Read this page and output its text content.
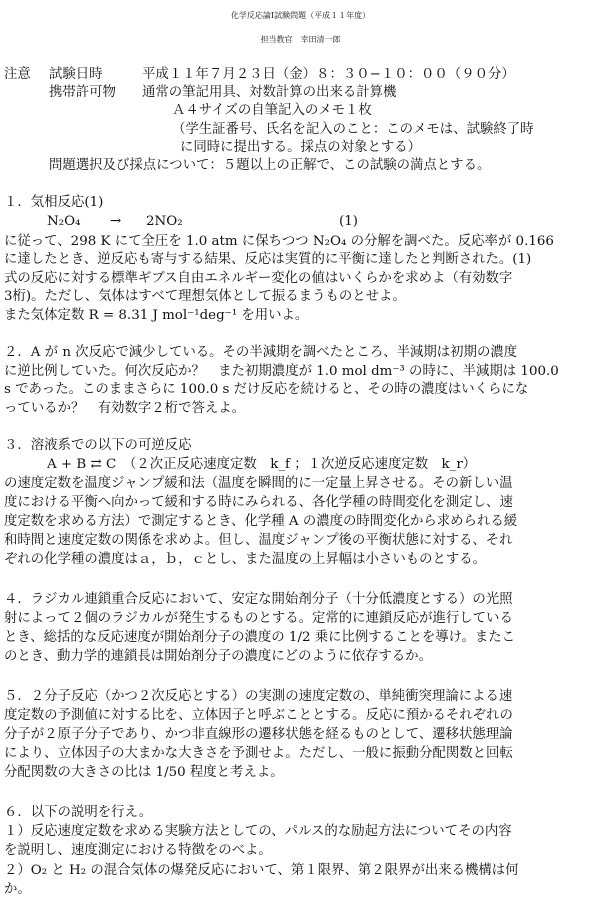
化学反応論Ⅰ試験問題（平成１１年度）
担当教官　幸田清一郎
注意 試験日時	平成１１年７月２３日（金）８：３０−１０：００（９０分）
携帯許可物 通常の筆記用具、対数計算の出来る計算機
Ａ４サイズの自筆記入のメモ１枚
（学生証番号、氏名を記入のこと：このメモは、試験終了時
に同時に提出する。採点の対象とする）
問題選択及び採点について：５題以上の正解で、この試験の満点とする。
１．気相反応(1)
N₂O₄ → 2NO₂	(1)
に従って、298 K にて全圧を 1.0 atm に保ちつつ N₂O₄ の分解を調べた。反応率が 0.166
に達したとき、逆反応も寄与する結果、反応は実質的に平衡に達したと判断された。(1)
式の反応に対する標準ギブス自由エネルギー変化の値はいくらかを求めよ（有効数字
3桁)。ただし、気体はすべて理想気体として振るまうものとせよ。
また気体定数 R = 8.31 J mol⁻¹deg⁻¹ を用いよ。
２．A が n 次反応で減少している。その半減期を調べたところ、半減期は初期の濃度
に逆比例していた。何次反応か？　また初期濃度が 1.0 mol dm⁻³ の時に、半減期は 100.0
s であった。このままさらに 100.0 s だけ反応を続けると、その時の濃度はいくらにな
っているか？　有効数字２桁で答えよ。
３．溶液系での以下の可逆反応
A + B ⇄ C　（２次正反応速度定数　k_f ；１次逆反応速度定数　k_r）
の速度定数を温度ジャンプ緩和法（温度を瞬間的に一定量上昇させる。その新しい温
度における平衡へ向かって緩和する時にみられる、各化学種の時間変化を測定し、速
度定数を求める方法）で測定するとき、化学種 A の濃度の時間変化から求められる緩
和時間と速度定数の関係を求めよ。但し、温度ジャンプ後の平衡状態に対する、それ
ぞれの化学種の濃度はａ，ｂ，ｃとし、また温度の上昇幅は小さいものとする。
４．ラジカル連鎖重合反応において、安定な開始剤分子（十分低濃度とする）の光照
射によって２個のラジカルが発生するものとする。定常的に連鎖反応が進行している
とき、総括的な反応速度が開始剤分子の濃度の 1/2 乗に比例することを導け。またこ
のとき、動力学的連鎖長は開始剤分子の濃度にどのように依存するか。
５．２分子反応（かつ２次反応とする）の実測の速度定数の、単純衝突理論による速
度定数の予測値に対する比を、立体因子と呼ぶこととする。反応に預かるそれぞれの
分子が２原子分子であり、かつ非直線形の遷移状態を経るものとして、遷移状態理論
により、立体因子の大まかな大きさを予測せよ。ただし、一般に振動分配関数と回転
分配関数の大きさの比は 1/50 程度と考えよ。
６．以下の説明を行え。
１）反応速度定数を求める実験方法としての、パルス的な励起方法についてその内容
を説明し、速度測定における特徴をのべよ。
２）O₂ と H₂ の混合気体の爆発反応において、第１限界、第２限界が出来る機構は何
か。
